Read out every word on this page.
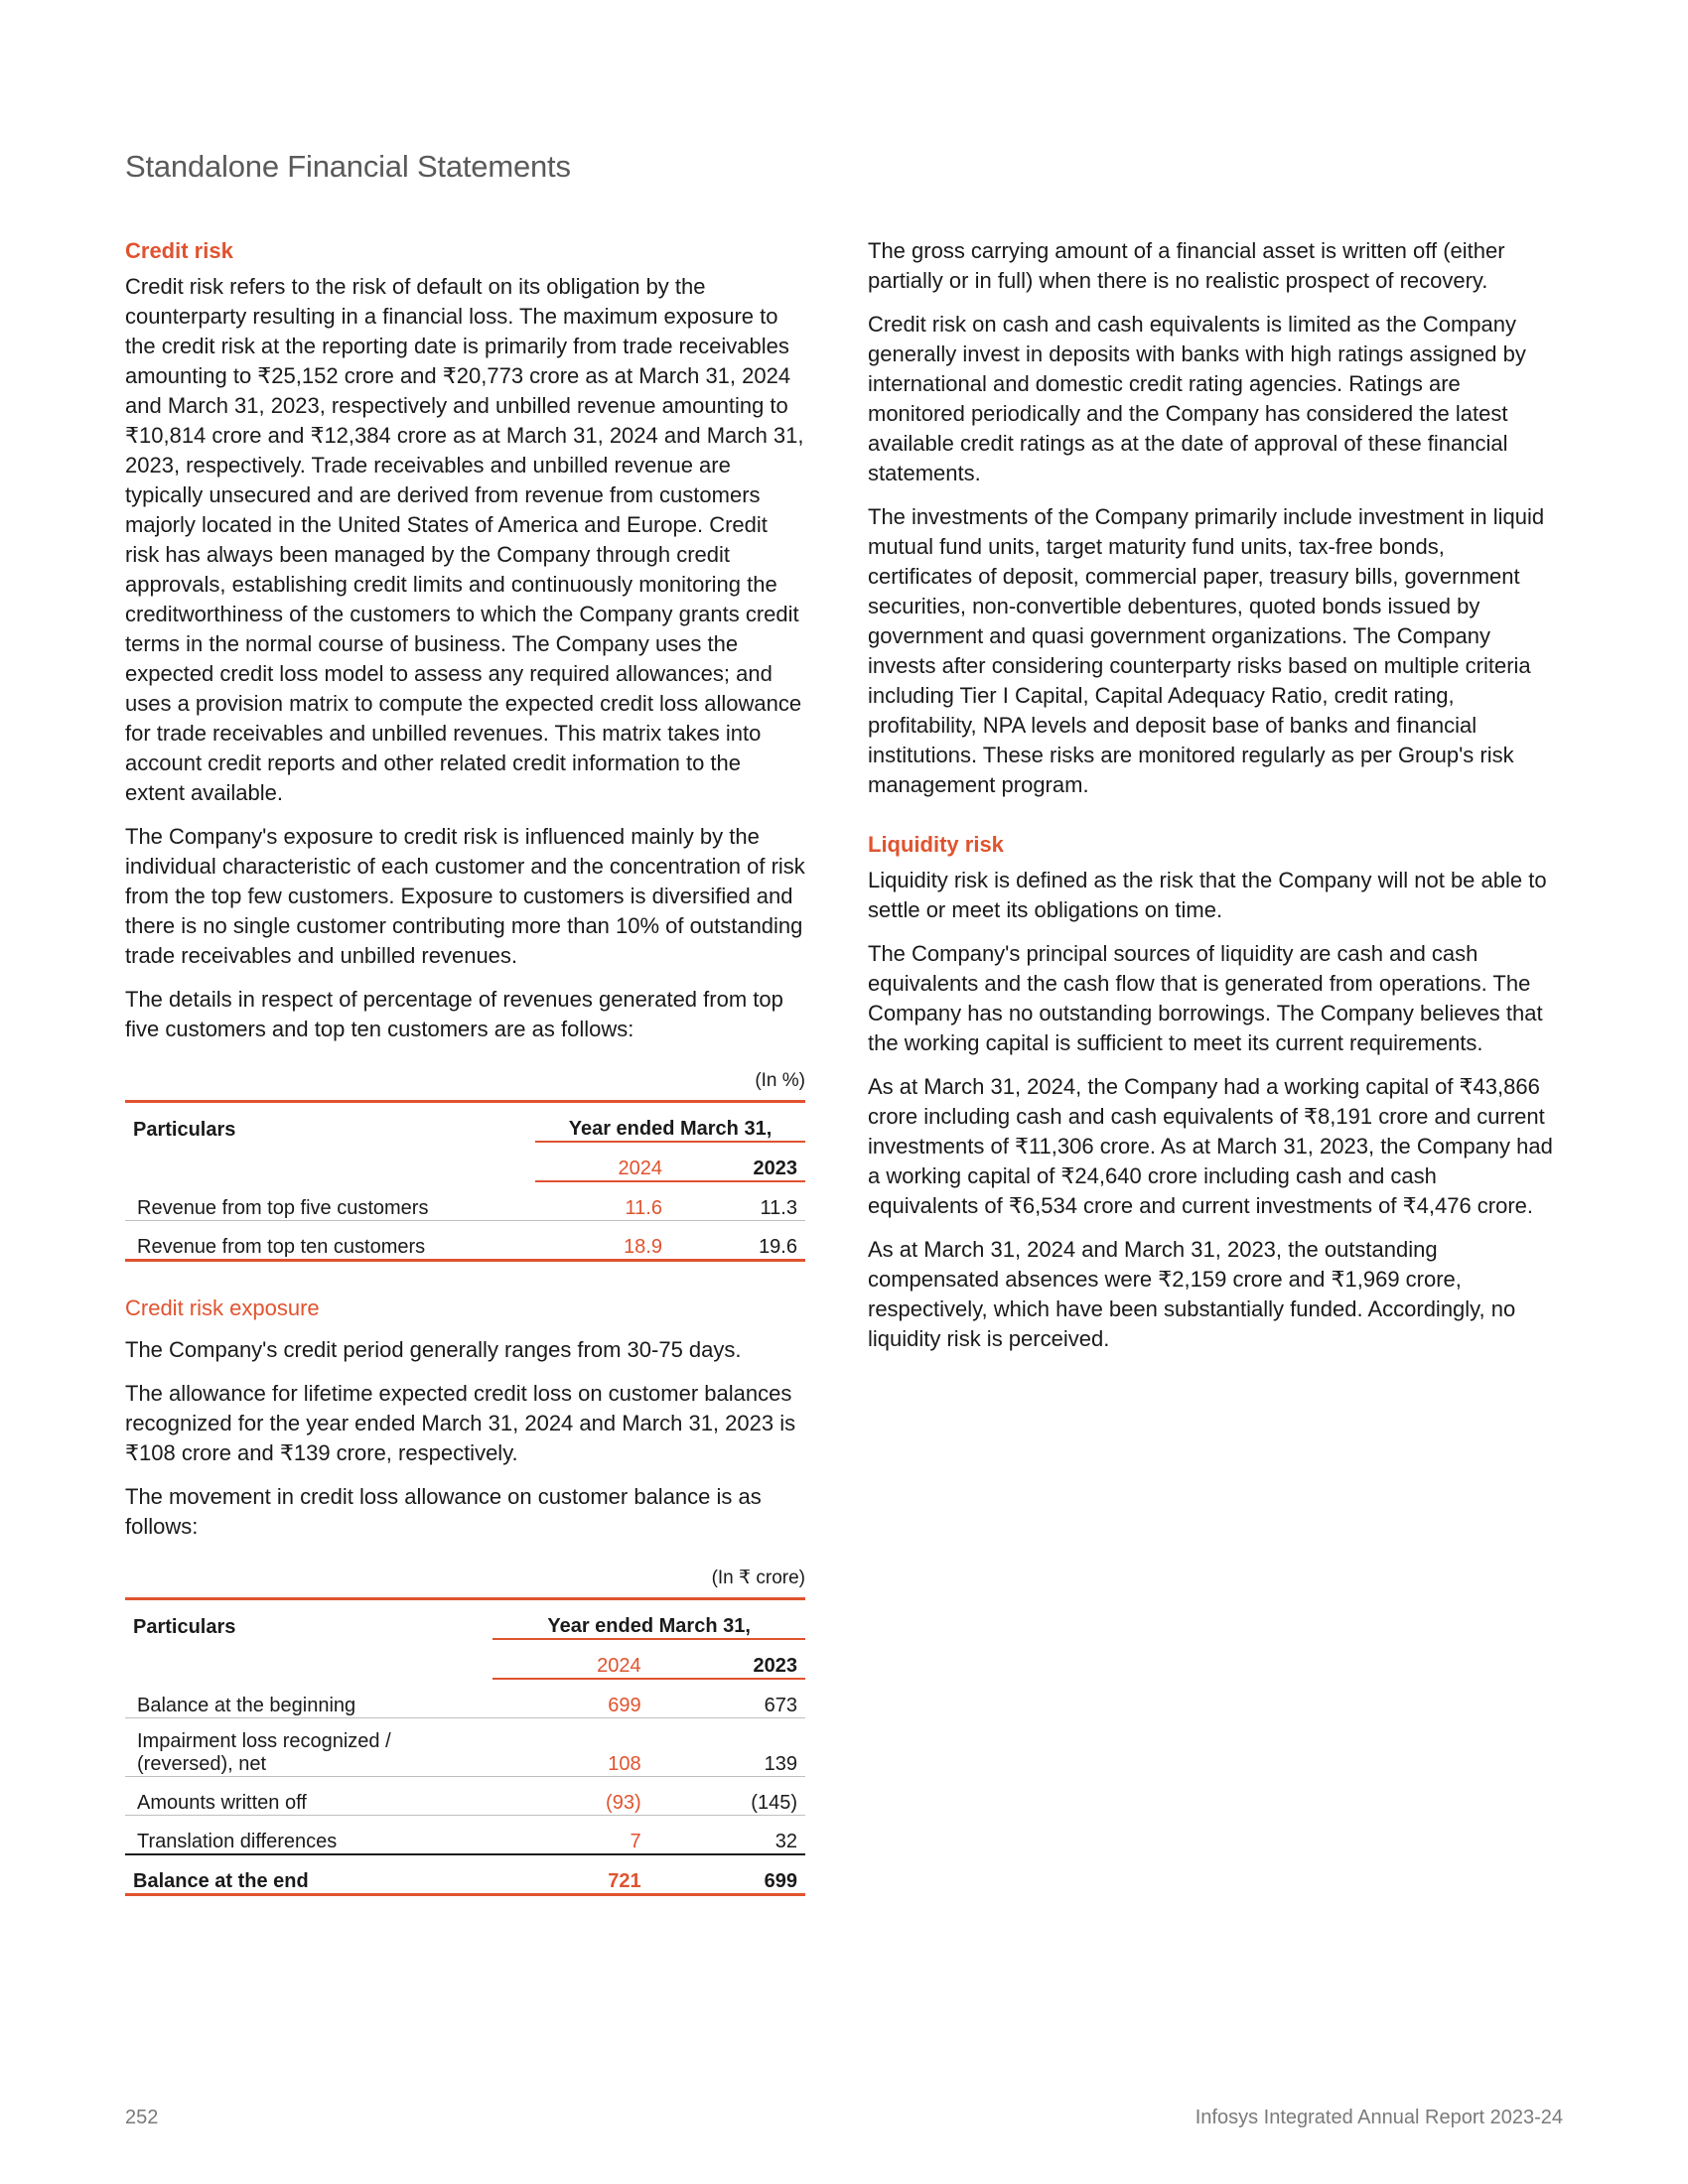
Standalone Financial Statements
Credit risk

Credit risk refers to the risk of default on its obligation by the counterparty resulting in a financial loss. The maximum exposure to the credit risk at the reporting date is primarily from trade receivables amounting to ₹25,152 crore and ₹20,773 crore as at March 31, 2024 and March 31, 2023, respectively and unbilled revenue amounting to ₹10,814 crore and ₹12,384 crore as at March 31, 2024 and March 31, 2023, respectively. Trade receivables and unbilled revenue are typically unsecured and are derived from revenue from customers majorly located in the United States of America and Europe. Credit risk has always been managed by the Company through credit approvals, establishing credit limits and continuously monitoring the creditworthiness of the customers to which the Company grants credit terms in the normal course of business. The Company uses the expected credit loss model to assess any required allowances; and uses a provision matrix to compute the expected credit loss allowance for trade receivables and unbilled revenues. This matrix takes into account credit reports and other related credit information to the extent available.

The Company's exposure to credit risk is influenced mainly by the individual characteristic of each customer and the concentration of risk from the top few customers. Exposure to customers is diversified and there is no single customer contributing more than 10% of outstanding trade receivables and unbilled revenues.

The details in respect of percentage of revenues generated from top five customers and top ten customers are as follows:

(In %)
Particulars	Year ended March 31,	
	2024	2023
Revenue from top five customers	11.6	11.3
Revenue from top ten customers	18.9	19.6
Credit risk exposure

The Company's credit period generally ranges from 30-75 days.

The allowance for lifetime expected credit loss on customer balances recognized for the year ended March 31, 2024 and March 31, 2023 is ₹108 crore and ₹139 crore, respectively.

The movement in credit loss allowance on customer balance is as follows:

(In ₹ crore)
Particulars	Year ended March 31,	
	2024	2023
Balance at the beginning	699	673
Impairment loss recognized / (reversed), net	108	139
Amounts written off	(93)	(145)
Translation differences	7	32
Balance at the end	721	699

The gross carrying amount of a financial asset is written off (either partially or in full) when there is no realistic prospect of recovery.

Credit risk on cash and cash equivalents is limited as the Company generally invest in deposits with banks with high ratings assigned by international and domestic credit rating agencies. Ratings are monitored periodically and the Company has considered the latest available credit ratings as at the date of approval of these financial statements.

The investments of the Company primarily include investment in liquid mutual fund units, target maturity fund units, tax-free bonds, certificates of deposit, commercial paper, treasury bills, government securities, non-convertible debentures, quoted bonds issued by government and quasi government organizations. The Company invests after considering counterparty risks based on multiple criteria including Tier I Capital, Capital Adequacy Ratio, credit rating, profitability, NPA levels and deposit base of banks and financial institutions. These risks are monitored regularly as per Group's risk management program.

Liquidity risk

Liquidity risk is defined as the risk that the Company will not be able to settle or meet its obligations on time.

The Company's principal sources of liquidity are cash and cash equivalents and the cash flow that is generated from operations. The Company has no outstanding borrowings. The Company believes that the working capital is sufficient to meet its current requirements.

As at March 31, 2024, the Company had a working capital of ₹43,866 crore including cash and cash equivalents of ₹8,191 crore and current investments of ₹11,306 crore. As at March 31, 2023, the Company had a working capital of ₹24,640 crore including cash and cash equivalents of ₹6,534 crore and current investments of ₹4,476 crore.

As at March 31, 2024 and March 31, 2023, the outstanding compensated absences were ₹2,159 crore and ₹1,969 crore, respectively, which have been substantially funded. Accordingly, no liquidity risk is perceived.

252	Infosys Integrated Annual Report 2023-24
